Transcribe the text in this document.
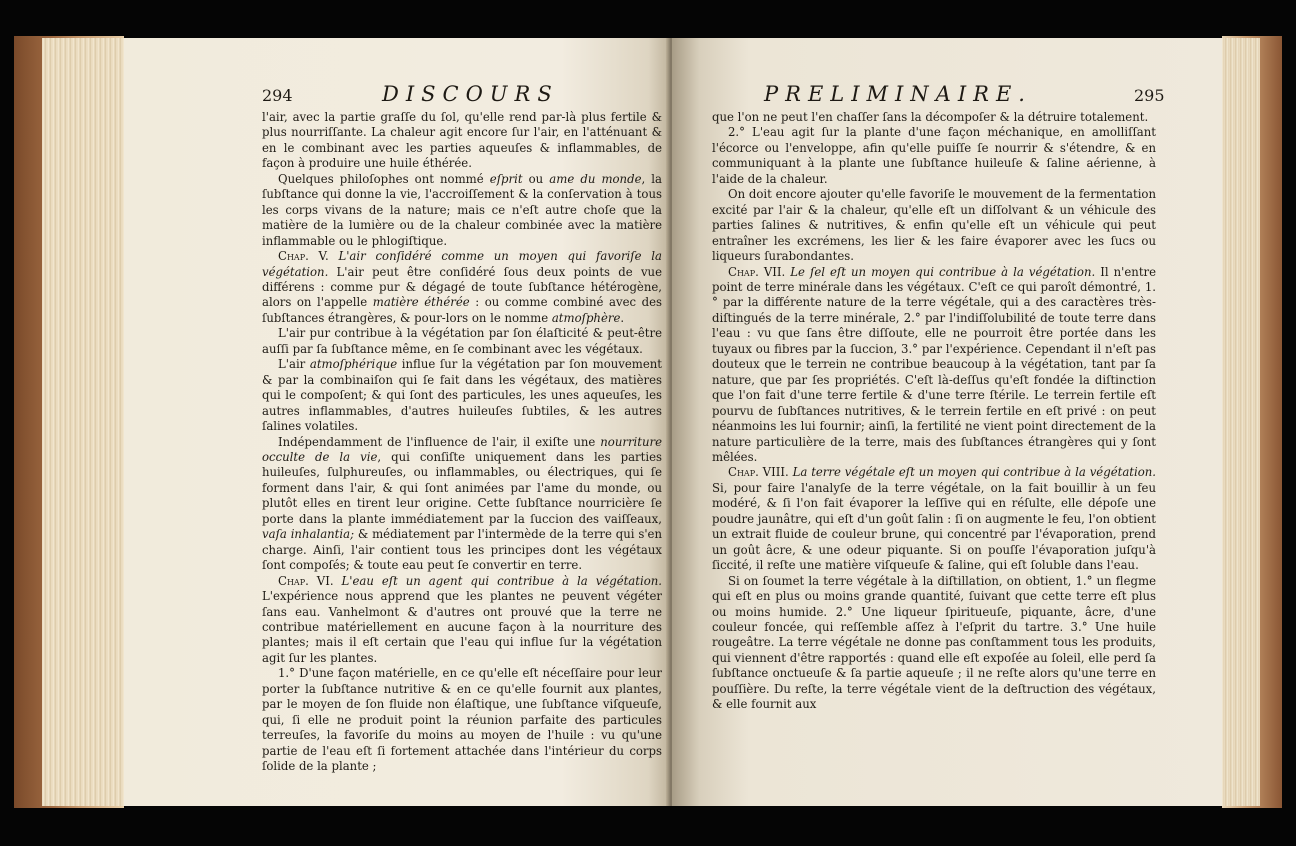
294	DISCOURS

l'air, avec la partie graſſe du ſol, qu'elle rend par-là plus fertile & plus nourriſſante. La chaleur agit encore ſur l'air, en l'atténuant & en le combinant avec les parties aqueuſes & inflammables, de façon à produire une huile éthérée.

Quelques philoſophes ont nommé eſprit ou ame du monde, la ſubſtance qui donne la vie, l'accroiſſement & la conſervation à tous les corps vivans de la nature; mais ce n'eſt autre choſe que la matière de la lumière ou de la chaleur combinée avec la matière inflammable ou le phlogiſtique.

Chap. V. L'air conſidéré comme un moyen qui favoriſe la végétation. L'air peut être conſidéré ſous deux points de vue différens : comme pur & dégagé de toute ſubſtance hétérogène, alors on l'appelle matière éthérée : ou comme combiné avec des ſubſtances étrangères, & pour-lors on le nomme atmoſphère.

L'air pur contribue à la végétation par ſon élaſticité & peut-être auſſi par ſa ſubſtance même, en ſe combinant avec les végétaux.

L'air atmoſphérique influe ſur la végétation par ſon mouvement & par la combinaiſon qui ſe fait dans les végétaux, des matières qui le compoſent; & qui ſont des particules, les unes aqueuſes, les autres inflammables, d'autres huileuſes ſubtiles, & les autres ſalines volatiles.

Indépendamment de l'influence de l'air, il exiſte une nourriture occulte de la vie, qui conſiſte uniquement dans les parties huileuſes, ſulphureuſes, ou inflammables, ou électriques, qui ſe forment dans l'air, & qui ſont animées par l'ame du monde, ou plutôt elles en tirent leur origine. Cette ſubſtance nourricière ſe porte dans la plante immédiatement par la ſuccion des vaiſſeaux, vaſa inhalantia; & médiatement par l'intermède de la terre qui s'en charge. Ainſi, l'air contient tous les principes dont les végétaux ſont compoſés; & toute eau peut ſe convertir en terre.

Chap. VI. L'eau eſt un agent qui contribue à la végétation. L'expérience nous apprend que les plantes ne peuvent végéter ſans eau. Vanhelmont & d'autres ont prouvé que la terre ne contribue matériellement en aucune façon à la nourriture des plantes; mais il eſt certain que l'eau qui influe ſur la végétation agit ſur les plantes.

1.° D'une façon matérielle, en ce qu'elle eſt néceſſaire pour leur porter la ſubſtance nutritive & en ce qu'elle fournit aux plantes, par le moyen de ſon fluide non élaſtique, une ſubſtance viſqueuſe, qui, ſi elle ne produit point la réunion parfaite des particules terreuſes, la favoriſe du moins au moyen de l'huile : vu qu'une partie de l'eau eſt ſi fortement attachée dans l'intérieur du corps ſolide de la plante ;

PRELIMINAIRE.	295

que l'on ne peut l'en chaſſer ſans la décompoſer & la détruire totalement.

2.° L'eau agit ſur la plante d'une façon méchanique, en amolliſſant l'écorce ou l'enveloppe, afin qu'elle puiſſe ſe nourrir & s'étendre, & en communiquant à la plante une ſubſtance huileuſe & ſaline aérienne, à l'aide de la chaleur.

On doit encore ajouter qu'elle favoriſe le mouvement de la fermentation excité par l'air & la chaleur, qu'elle eſt un diſſolvant & un véhicule des parties ſalines & nutritives, & enfin qu'elle eſt un véhicule qui peut entraîner les excrémens, les lier & les faire évaporer avec les ſucs ou liqueurs ſurabondantes.

Chap. VII. Le ſel eſt un moyen qui contribue à la végétation. Il n'entre point de terre minérale dans les végétaux. C'eſt ce qui paroît démontré, 1.° par la différente nature de la terre végétale, qui a des caractères très-diſtingués de la terre minérale, 2.° par l'indiſſolubilité de toute terre dans l'eau : vu que ſans être diſſoute, elle ne pourroit être portée dans les tuyaux ou fibres par la ſuccion, 3.° par l'expérience. Cependant il n'eſt pas douteux que le terrein ne contribue beaucoup à la végétation, tant par ſa nature, que par ſes propriétés. C'eſt là-deſſus qu'eſt fondée la diſtinction que l'on fait d'une terre fertile & d'une terre ſtérile. Le terrein fertile eſt pourvu de ſubſtances nutritives, & le terrein fertile en eſt privé : on peut néanmoins les lui fournir; ainſi, la fertilité ne vient point directement de la nature particulière de la terre, mais des ſubſtances étrangères qui y ſont mêlées.

Chap. VIII. La terre végétale eſt un moyen qui contribue à la végétation. Si, pour faire l'analyſe de la terre végétale, on la fait bouillir à un feu modéré, & ſi l'on fait évaporer la leſſive qui en réſulte, elle dépoſe une poudre jaunâtre, qui eſt d'un goût ſalin : ſi on augmente le feu, l'on obtient un extrait fluide de couleur brune, qui concentré par l'évaporation, prend un goût âcre, & une odeur piquante. Si on pouſſe l'évaporation juſqu'à ſiccité, il reſte une matière viſqueuſe & ſaline, qui eſt ſoluble dans l'eau.

Si on ſoumet la terre végétale à la diſtillation, on obtient, 1.° un flegme qui eſt en plus ou moins grande quantité, ſuivant que cette terre eſt plus ou moins humide. 2.° Une liqueur ſpiritueuſe, piquante, âcre, d'une couleur foncée, qui reſſemble aſſez à l'eſprit du tartre. 3.° Une huile rougeâtre. La terre végétale ne donne pas conſtamment tous les produits, qui viennent d'être rapportés : quand elle eſt expoſée au ſoleil, elle perd ſa ſubſtance onctueuſe & ſa partie aqueuſe ; il ne reſte alors qu'une terre en pouſſière. Du reſte, la terre végétale vient de la deſtruction des végétaux, & elle fournit aux
